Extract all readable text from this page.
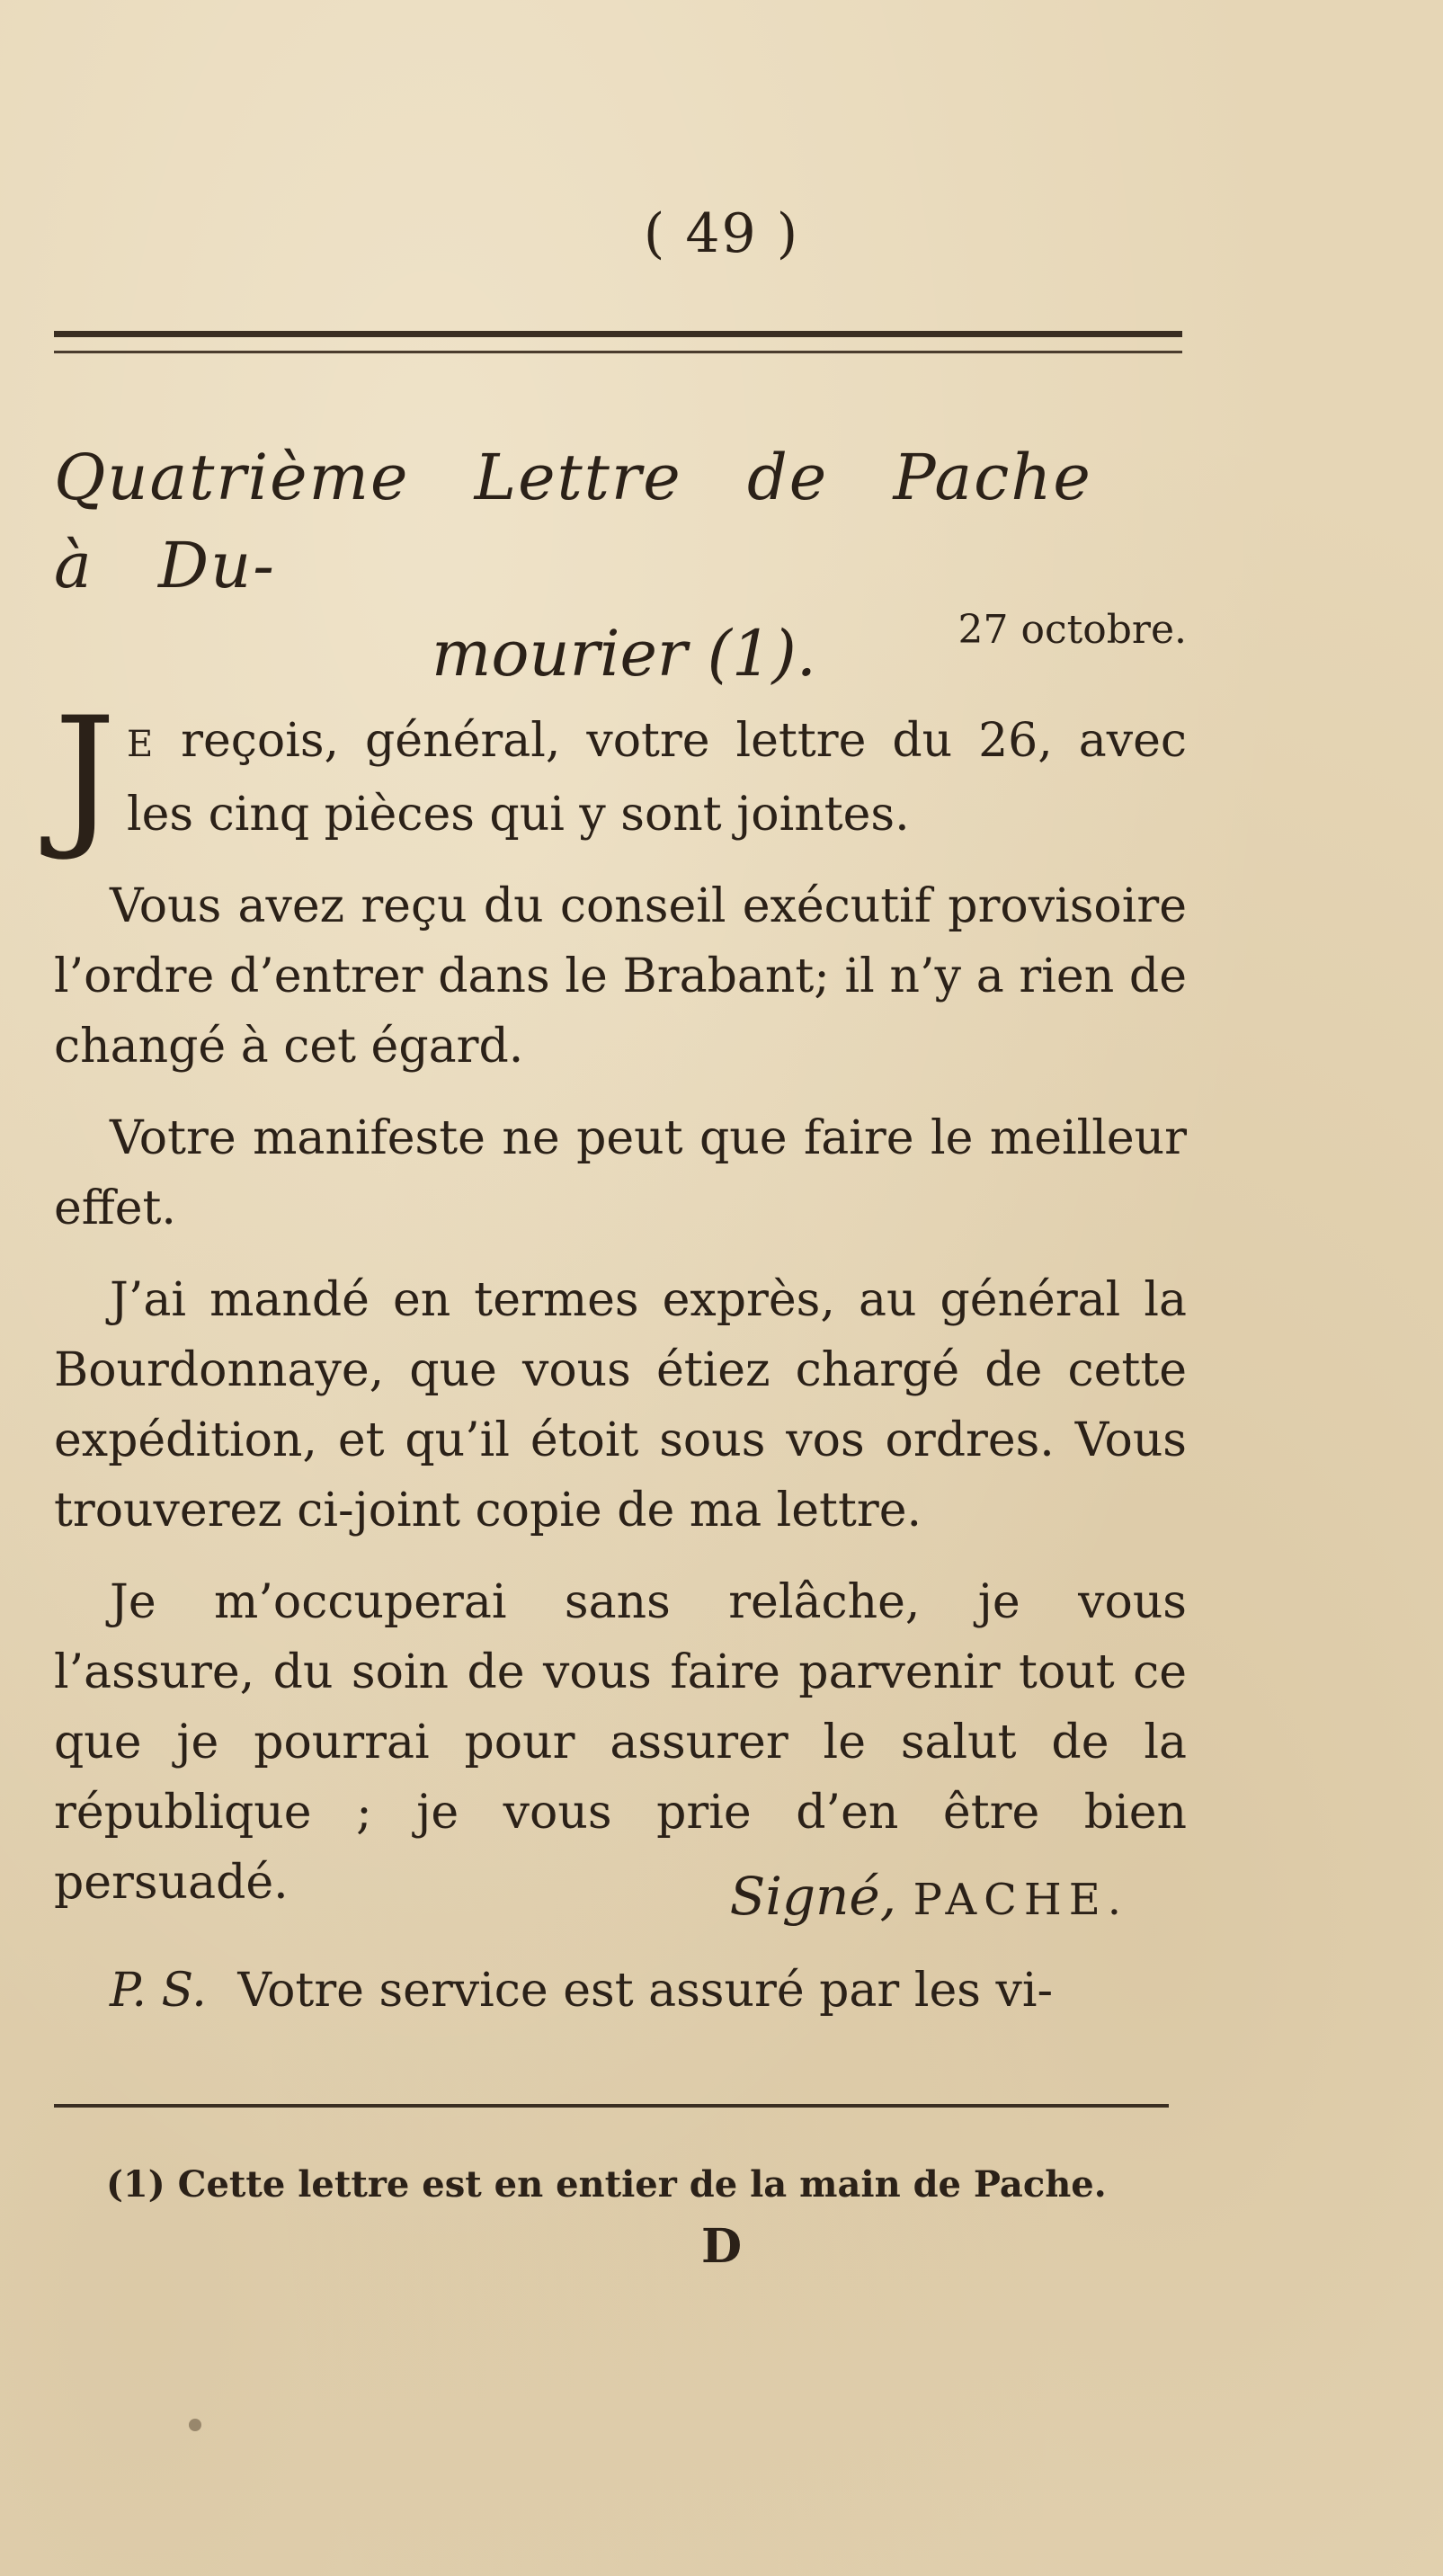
( 49 )
Quatrième Lettre de Pache à Du-
mourier (1).	27 octobre.

J E reçois, général, votre lettre du 26, avec les cinq pièces qui y sont jointes.

Vous avez reçu du conseil exécutif provisoire l’ordre d’entrer dans le Brabant; il n’y a rien de changé à cet égard.

Votre manifeste ne peut que faire le meilleur effet.

J’ai mandé en termes exprès, au général la Bourdonnaye, que vous étiez chargé de cette expédition, et qu’il étoit sous vos ordres. Vous trouverez ci-joint copie de ma lettre.

Je m’occuperai sans relâche, je vous l’assure, du soin de vous faire parvenir tout ce que je pourrai pour assurer le salut de la république ; je vous prie d’en être bien persuadé.	Signé, PACHE.
P. S. Votre service est assuré par les vi-
(1) Cette lettre est en entier de la main de Pache.
D
